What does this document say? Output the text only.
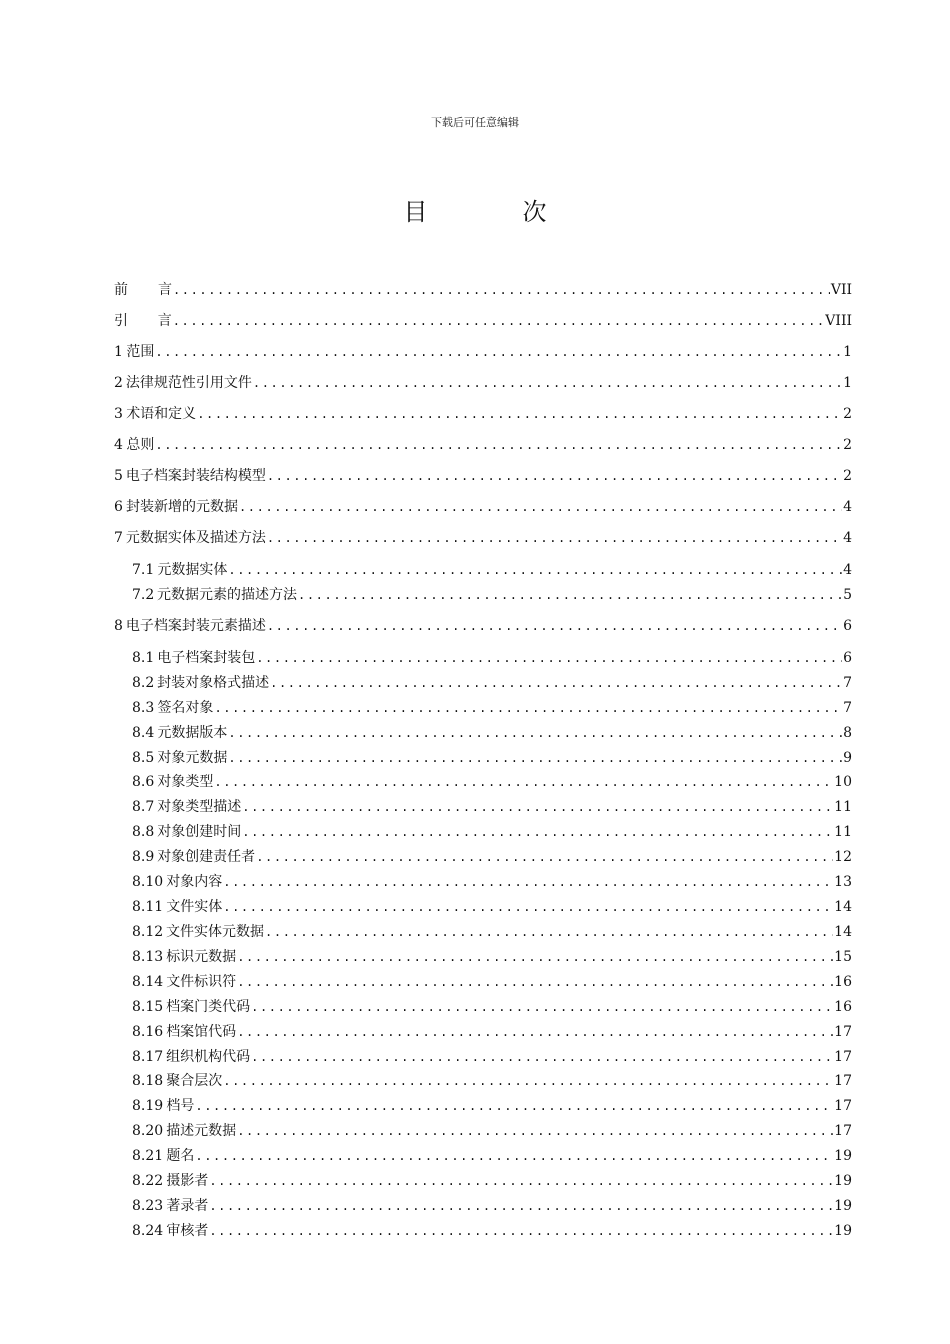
下载后可任意编辑
目	次
前 言 .....	VII
引 言 .....	VIII
1 范围 .....	1
2 法律规范性引用文件 .....	1
3 术语和定义 .....	2
4 总则 .....	2
5 电子档案封装结构模型 .....	2
6 封装新增的元数据 .....	4
7 元数据实体及描述方法 .....	4
7.1 元数据实体 .....	4
7.2 元数据元素的描述方法 .....	5
8 电子档案封装元素描述 .....	6
8.1 电子档案封装包 .....	6
8.2 封装对象格式描述 .....	7
8.3 签名对象 .....	7
8.4 元数据版本 .....	8
8.5 对象元数据 .....	9
8.6 对象类型 .....	10
8.7 对象类型描述 .....	11
8.8 对象创建时间 .....	11
8.9 对象创建责任者 .....	12
8.10 对象内容 .....	13
8.11 文件实体 .....	14
8.12 文件实体元数据 .....	14
8.13 标识元数据 .....	15
8.14 文件标识符 .....	16
8.15 档案门类代码 .....	16
8.16 档案馆代码 .....	17
8.17 组织机构代码 .....	17
8.18 聚合层次 .....	17
8.19 档号 .....	17
8.20 描述元数据 .....	17
8.21 题名 .....	19
8.22 摄影者 .....	19
8.23 著录者 .....	19
8.24 审核者 .....	19
